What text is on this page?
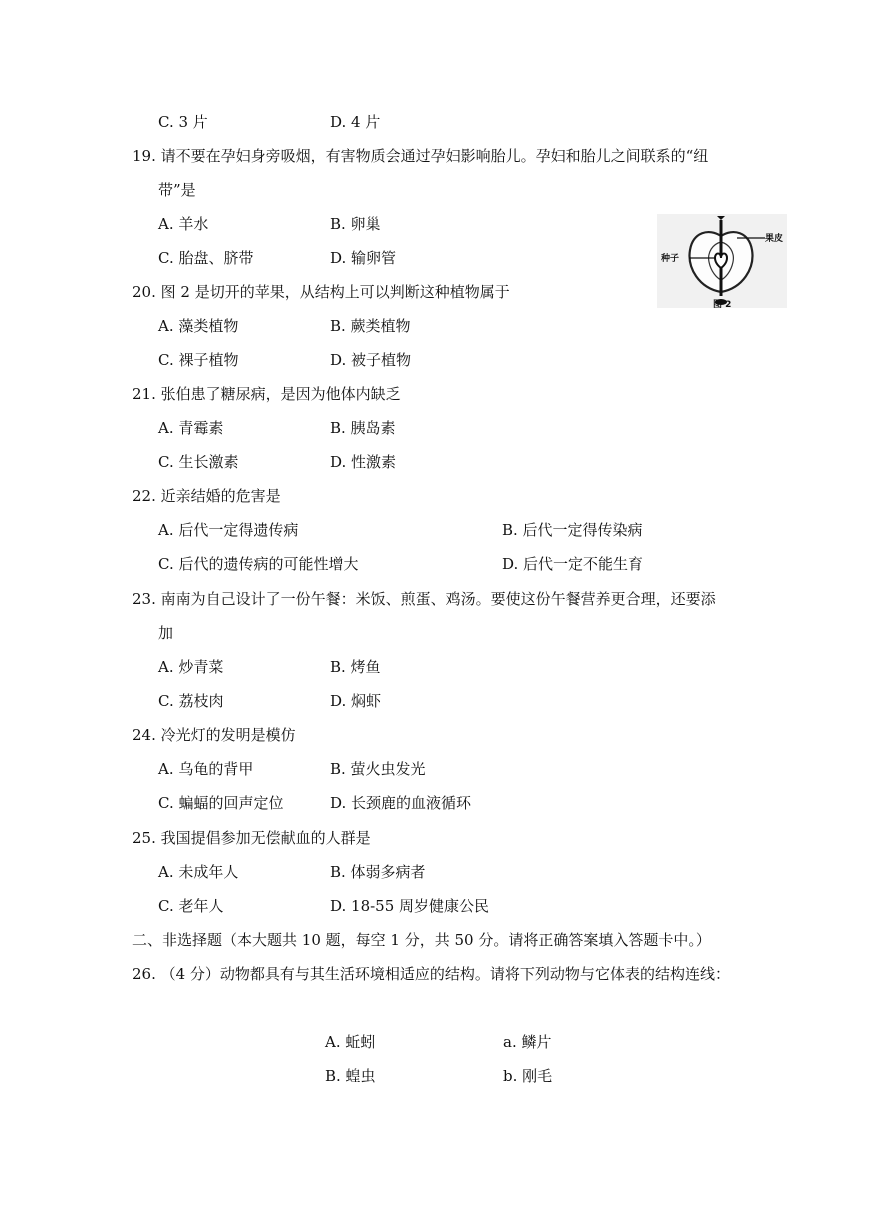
C. 3 片	D. 4 片
19. 请不要在孕妇身旁吸烟，有害物质会通过孕妇影响胎儿。孕妇和胎儿之间联系的“纽
带”是
A. 羊水	B. 卵巢
C. 胎盘、脐带	D. 输卵管
果皮
种子
图 2
20. 图 2 是切开的苹果，从结构上可以判断这种植物属于
A. 藻类植物	B. 蕨类植物
C. 裸子植物	D. 被子植物
21. 张伯患了糖尿病，是因为他体内缺乏
A. 青霉素	B. 胰岛素
C. 生长激素	D. 性激素
22. 近亲结婚的危害是
A. 后代一定得遗传病	B. 后代一定得传染病
C. 后代的遗传病的可能性增大	D. 后代一定不能生育
23. 南南为自己设计了一份午餐：米饭、煎蛋、鸡汤。要使这份午餐营养更合理，还要添
加
A. 炒青菜	B. 烤鱼
C. 荔枝肉	D. 焖虾
24. 冷光灯的发明是模仿
A. 乌龟的背甲	B. 萤火虫发光
C. 蝙蝠的回声定位	D. 长颈鹿的血液循环
25. 我国提倡参加无偿献血的人群是
A. 未成年人	B. 体弱多病者
C. 老年人	D. 18-55 周岁健康公民
二、非选择题（本大题共 10 题，每空 1 分，共 50 分。请将正确答案填入答题卡中。）
26. （4 分）动物都具有与其生活环境相适应的结构。请将下列动物与它体表的结构连线：
A. 蚯蚓	a. 鳞片
B. 蝗虫	b. 刚毛
